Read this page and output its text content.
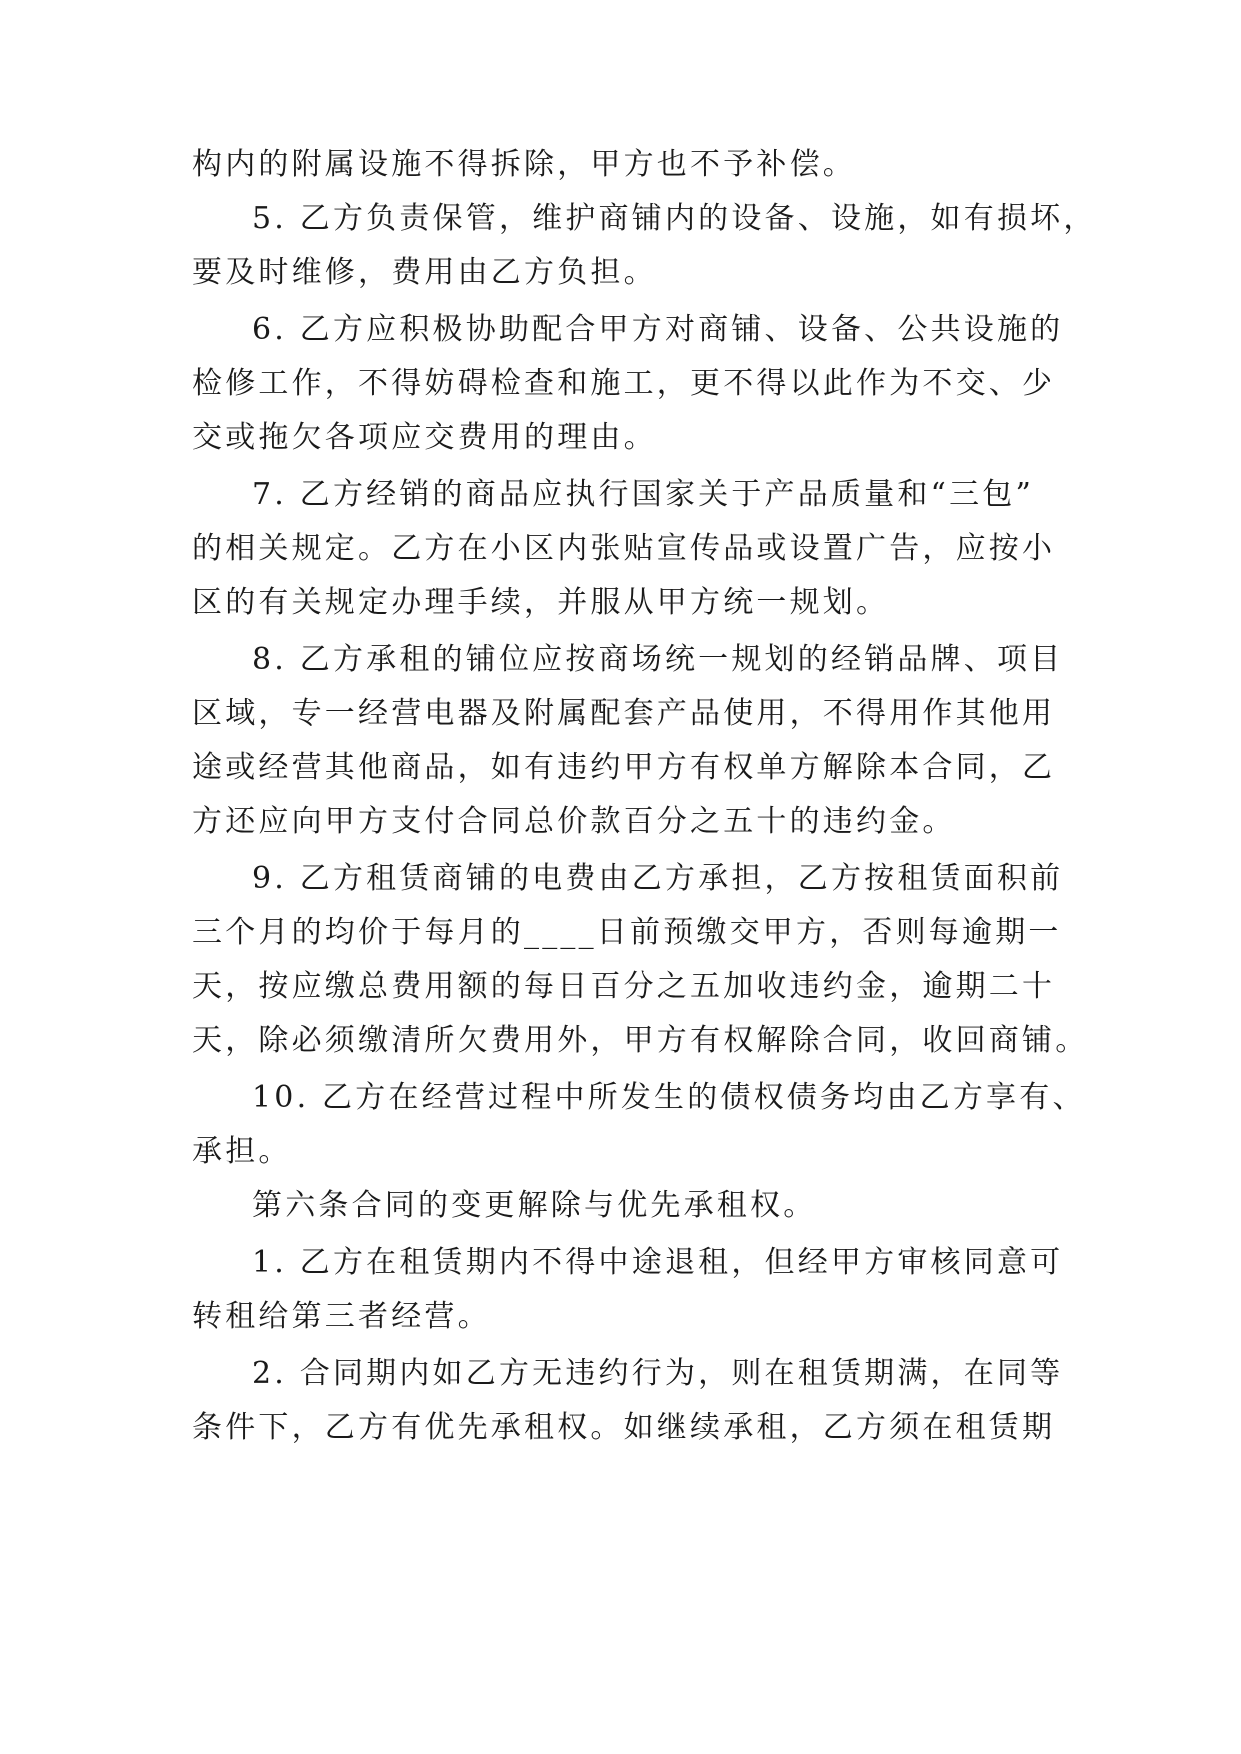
构内的附属设施不得拆除，甲方也不予补偿。
5. 乙方负责保管，维护商铺内的设备、设施，如有损坏，
要及时维修，费用由乙方负担。
6. 乙方应积极协助配合甲方对商铺、设备、公共设施的
检修工作，不得妨碍检查和施工，更不得以此作为不交、少
交或拖欠各项应交费用的理由。
7. 乙方经销的商品应执行国家关于产品质量和“三包”
的相关规定。乙方在小区内张贴宣传品或设置广告，应按小
区的有关规定办理手续，并服从甲方统一规划。
8. 乙方承租的铺位应按商场统一规划的经销品牌、项目
区域，专一经营电器及附属配套产品使用，不得用作其他用
途或经营其他商品，如有违约甲方有权单方解除本合同，乙
方还应向甲方支付合同总价款百分之五十的违约金。
9. 乙方租赁商铺的电费由乙方承担，乙方按租赁面积前
三个月的均价于每月的____日前预缴交甲方，否则每逾期一
天，按应缴总费用额的每日百分之五加收违约金，逾期二十
天，除必须缴清所欠费用外，甲方有权解除合同，收回商铺。
10. 乙方在经营过程中所发生的债权债务均由乙方享有、
承担。
第六条合同的变更解除与优先承租权。
1. 乙方在租赁期内不得中途退租，但经甲方审核同意可
转租给第三者经营。
2. 合同期内如乙方无违约行为，则在租赁期满，在同等
条件下，乙方有优先承租权。如继续承租，乙方须在租赁期
